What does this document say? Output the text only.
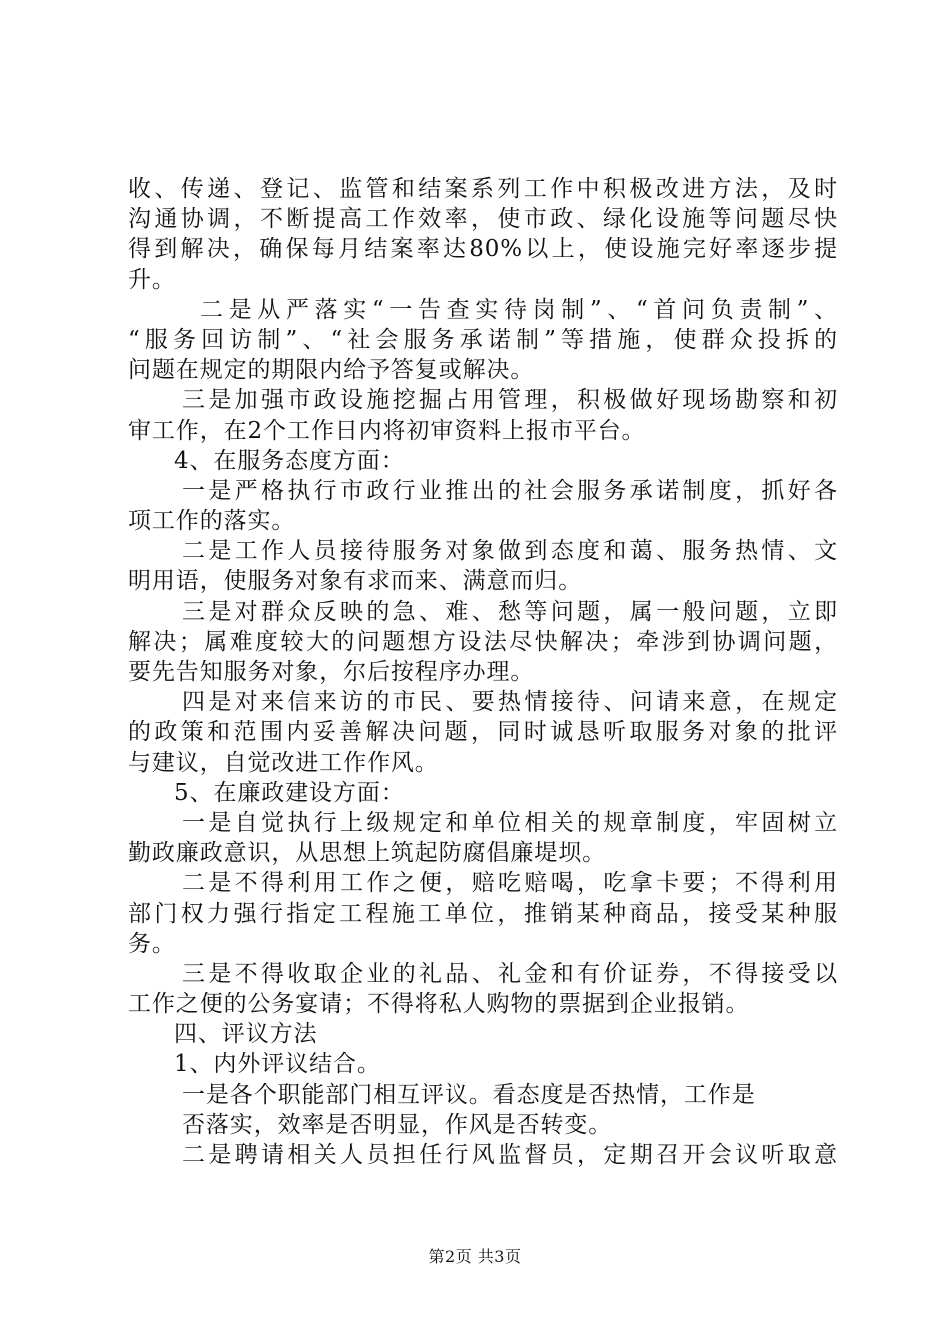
收、传递、登记、监管和结案系列工作中积极改进方法，及时
沟通协调，不断提高工作效率，使市政、绿化设施等问题尽快
得到解决，确保每月结案率达80%以上，使设施完好率逐步提
升。
二是从严落实“一告查实待岗制”、“首问负责制”、
“服务回访制”、“社会服务承诺制”等措施，使群众投拆的
问题在规定的期限内给予答复或解决。
三是加强市政设施挖掘占用管理，积极做好现场勘察和初
审工作，在2个工作日内将初审资料上报市平台。
4、在服务态度方面：
一是严格执行市政行业推出的社会服务承诺制度，抓好各
项工作的落实。
二是工作人员接待服务对象做到态度和蔼、服务热情、文
明用语，使服务对象有求而来、满意而归。
三是对群众反映的急、难、愁等问题，属一般问题，立即
解决；属难度较大的问题想方设法尽快解决；牵涉到协调问题，
要先告知服务对象，尔后按程序办理。
四是对来信来访的市民、要热情接待、问请来意，在规定
的政策和范围内妥善解决问题，同时诚恳听取服务对象的批评
与建议，自觉改进工作作风。
5、在廉政建设方面：
一是自觉执行上级规定和单位相关的规章制度，牢固树立
勤政廉政意识，从思想上筑起防腐倡廉堤坝。
二是不得利用工作之便，赔吃赔喝，吃拿卡要；不得利用
部门权力强行指定工程施工单位，推销某种商品，接受某种服
务。
三是不得收取企业的礼品、礼金和有价证券，不得接受以
工作之便的公务宴请；不得将私人购物的票据到企业报销。
四、评议方法
1、内外评议结合。
一是各个职能部门相互评议。看态度是否热情，工作是
否落实，效率是否明显，作风是否转变。
二是聘请相关人员担任行风监督员，定期召开会议听取意
第2页 共3页
